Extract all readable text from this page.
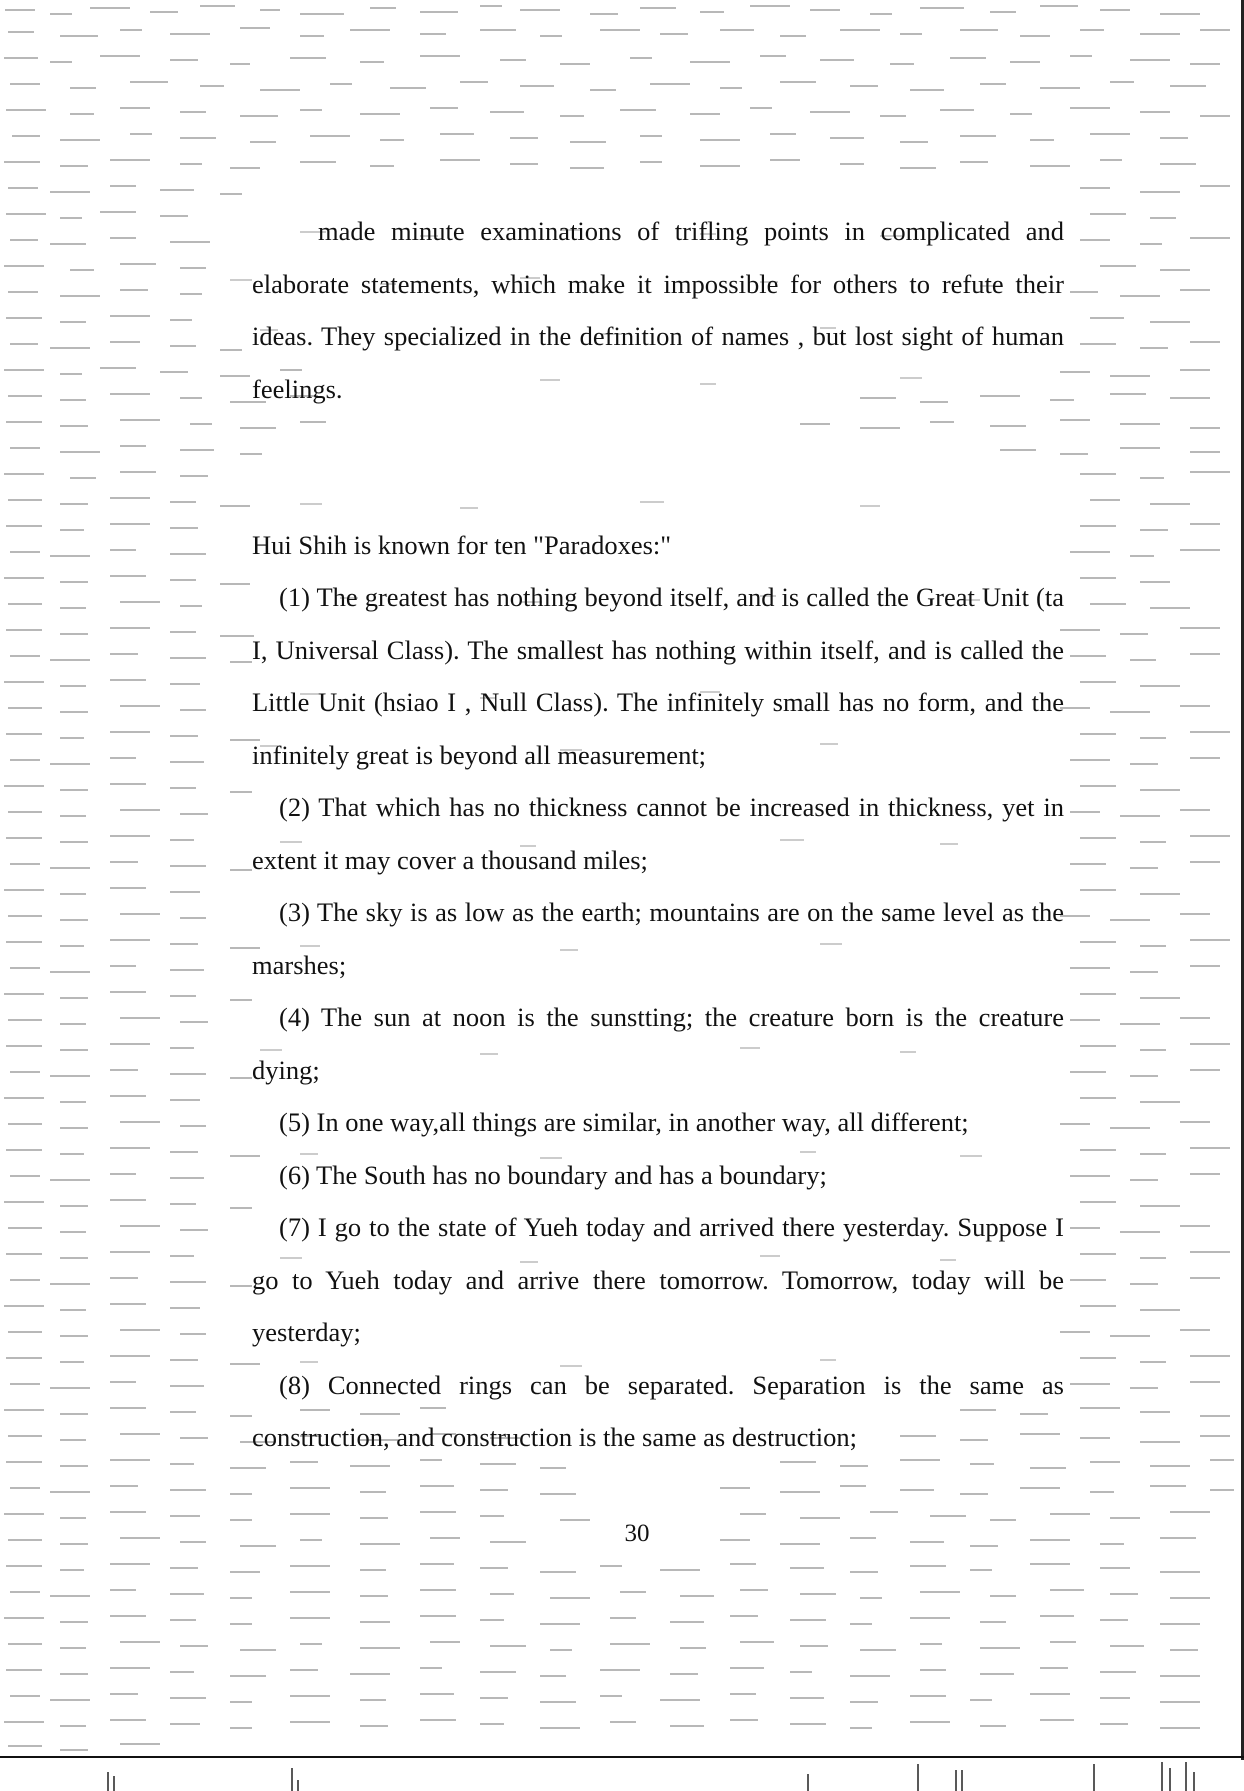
made minute examinations of trifling points in complicated and elaborate statements, which make it impossible for others to refute their ideas. They specialized in the definition of names , but lost sight of human feelings.

Hui Shih is known for ten "Paradoxes:"

(1) The greatest has nothing beyond itself, and is called the Great Unit (ta I, Universal Class). The smallest has nothing within itself, and is called the Little Unit (hsiao I , Null Class). The infinitely small has no form, and the infinitely great is beyond all measurement;

(2) That which has no thickness cannot be increased in thickness, yet in extent it may cover a thousand miles;

(3) The sky is as low as the earth; mountains are on the same level as the marshes;

(4) The sun at noon is the sunstting; the creature born is the creature dying;

(5) In one way,all things are similar, in another way, all different;

(6) The South has no boundary and has a boundary;

(7) I go to the state of Yueh today and arrived there yesterday. Suppose I go to Yueh today and arrive there tomorrow. Tomorrow, today will be yesterday;

(8) Connected rings can be separated. Separation is the same as construction, and construction is the same as destruction;

30
